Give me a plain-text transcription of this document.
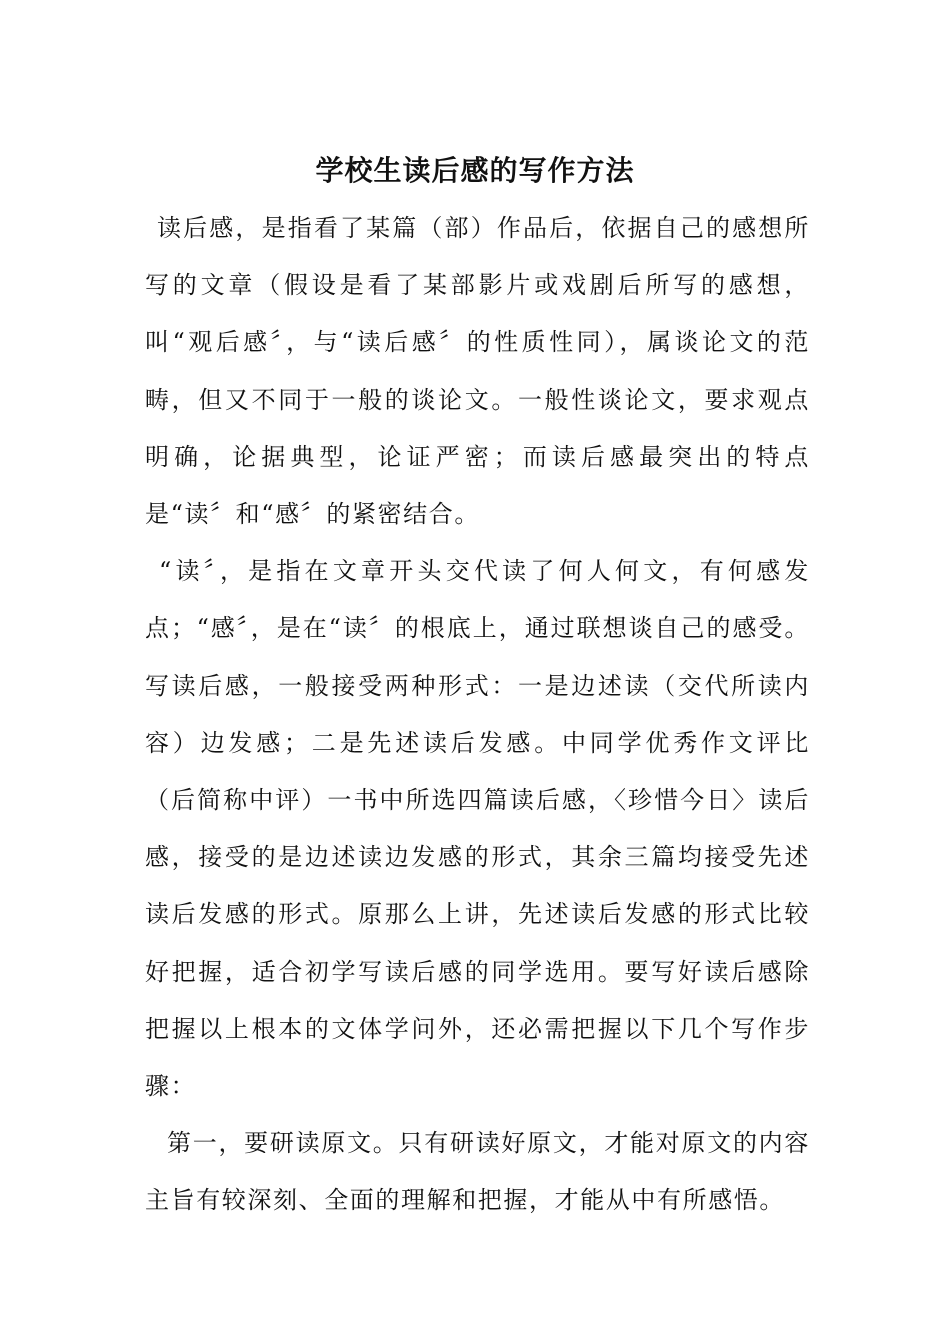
学校生读后感的写作方法

读后感，是指看了某篇（部）作品后，依据自己的感想所写的文章（假设是看了某部影片或戏剧后所写的感想，叫“观后感〞，与“读后感〞的性质性同），属谈论文的范畴，但又不同于一般的谈论文。一般性谈论文，要求观点明确，论据典型，论证严密；而读后感最突出的特点是“读〞和“感〞的紧密结合。

“读〞，是指在文章开头交代读了何人何文，有何感发点；“感〞，是在“读〞的根底上，通过联想谈自己的感受。写读后感，一般接受两种形式：一是边述读（交代所读内容）边发感；二是先述读后发感。中同学优秀作文评比（后简称中评）一书中所选四篇读后感，〈珍惜今日〉读后感，接受的是边述读边发感的形式，其余三篇均接受先述读后发感的形式。原那么上讲，先述读后发感的形式比较好把握，适合初学写读后感的同学选用。要写好读后感除把握以上根本的文体学问外，还必需把握以下几个写作步骤：

第一，要研读原文。只有研读好原文，才能对原文的内容主旨有较深刻、全面的理解和把握，才能从中有所感悟。
